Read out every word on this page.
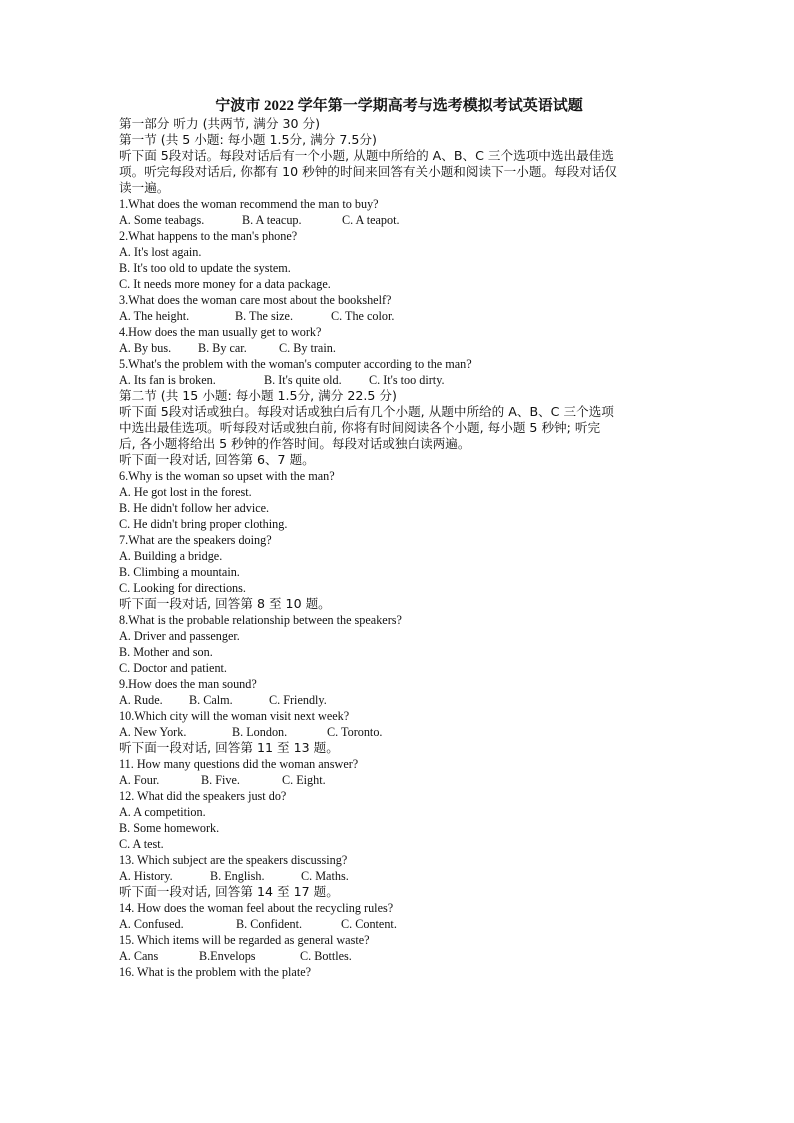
宁波市 2022 学年第一学期高考与选考模拟考试英语试题
第一部分 听力 (共两节, 满分 30 分)
第一节 (共 5 小题: 每小题 1.5分, 满分 7.5分)
听下面 5段对话。每段对话后有一个小题, 从题中所给的 A、B、C 三个选项中选出最佳选
项。听完每段对话后, 你都有 10 秒钟的时间来回答有关小题和阅读下一小题。每段对话仅
读一遍。
1.What does the woman recommend the man to buy?
A. Some teabags.	B. A teacup.	C. A teapot.
2.What happens to the man's phone?
A. It's lost again.
B. It's too old to update the system.
C. It needs more money for a data package.
3.What does the woman care most about the bookshelf?
A. The height.	B. The size.	C. The color.
4.How does the man usually get to work?
A. By bus. B. By car.	C. By train.
5.What's the problem with the woman's computer according to the man?
A. Its fan is broken.	B. It's quite old. C. It's too dirty.
第二节 (共 15 小题: 每小题 1.5分, 满分 22.5 分)
听下面 5段对话或独白。每段对话或独白后有几个小题, 从题中所给的 A、B、C 三个选项
中选出最佳选项。听每段对话或独白前, 你将有时间阅读各个小题, 每小题 5 秒钟; 听完
后, 各小题将给出 5 秒钟的作答时间。每段对话或独白读两遍。
听下面一段对话, 回答第 6、7 题。
6.Why is the woman so upset with the man?
A. He got lost in the forest.
B. He didn't follow her advice.
C. He didn't bring proper clothing.
7.What are the speakers doing?
A. Building a bridge.
B. Climbing a mountain.
C. Looking for directions.
听下面一段对话, 回答第 8 至 10 题。
8.What is the probable relationship between the speakers?
A. Driver and passenger.
B. Mother and son.
C. Doctor and patient.
9.How does the man sound?
A. Rude. B. Calm.	C. Friendly.
10.Which city will the woman visit next week?
A. New York.	B. London.	C. Toronto.
听下面一段对话, 回答第 11 至 13 题。
11. How many questions did the woman answer?
A. Four.	B. Five.	C. Eight.
12. What did the speakers just do?
A. A competition.
B. Some homework.
C. A test.
13. Which subject are the speakers discussing?
A. History.	B. English.	C. Maths.
听下面一段对话, 回答第 14 至 17 题。
14. How does the woman feel about the recycling rules?
A. Confused.	B. Confident.	C. Content.
15. Which items will be regarded as general waste?
A. Cans	B.Envelops	C. Bottles.
16. What is the problem with the plate?
